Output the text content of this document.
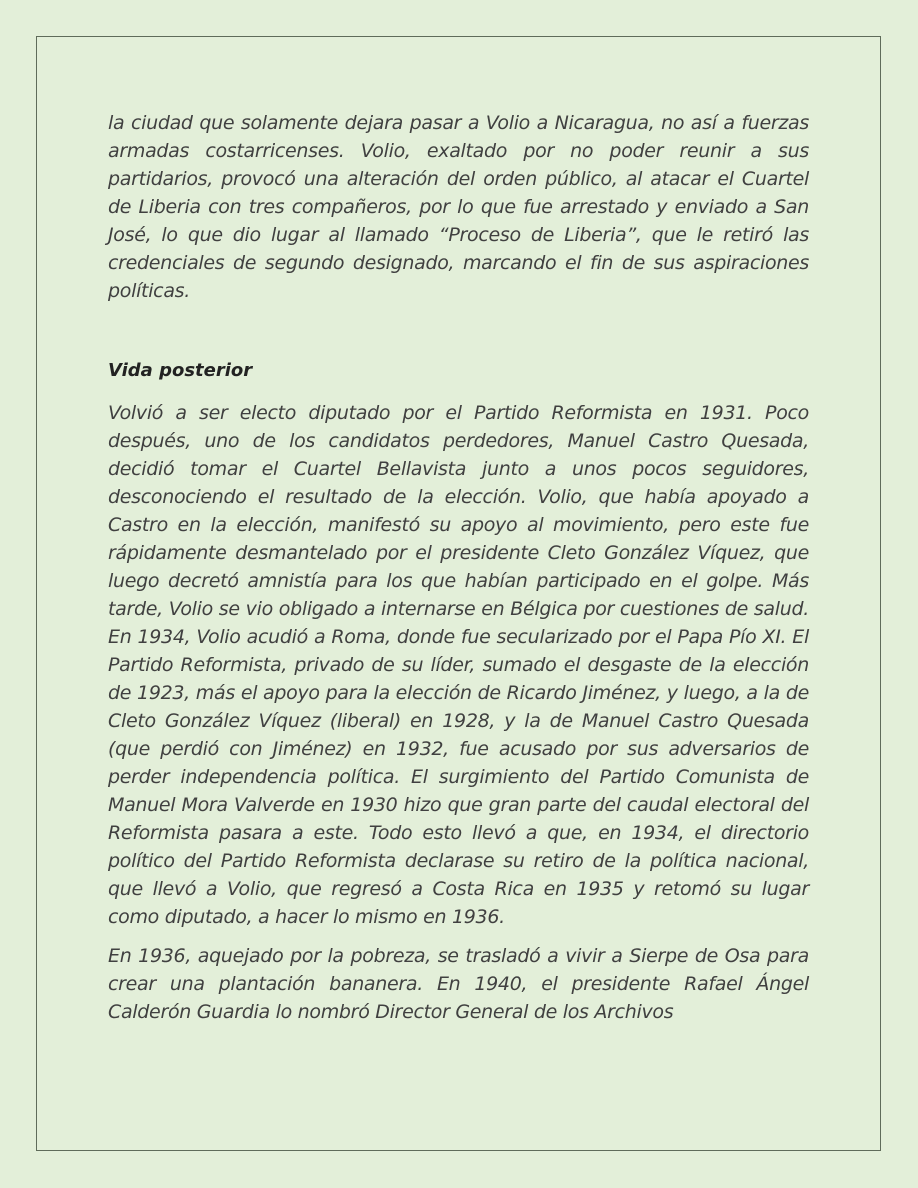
la ciudad que solamente dejara pasar a Volio a Nicaragua, no así a fuerzas armadas costarricenses. Volio, exaltado por no poder reunir a sus partidarios, provocó una alteración del orden público, al atacar el Cuartel de Liberia con tres compañeros, por lo que fue arrestado y enviado a San José, lo que dio lugar al llamado “Proceso de Liberia”, que le retiró las credenciales de segundo designado, marcando el fin de sus aspiraciones políticas.

Vida posterior

Volvió a ser electo diputado por el Partido Reformista en 1931. Poco después, uno de los candidatos perdedores, Manuel Castro Quesada, decidió tomar el Cuartel Bellavista junto a unos pocos seguidores, desconociendo el resultado de la elección. Volio, que había apoyado a Castro en la elección, manifestó su apoyo al movimiento, pero este fue rápidamente desmantelado por el presidente Cleto González Víquez, que luego decretó amnistía para los que habían participado en el golpe. Más tarde, Volio se vio obligado a internarse en Bélgica por cuestiones de salud. En 1934, Volio acudió a Roma, donde fue secularizado por el Papa Pío XI. El Partido Reformista, privado de su líder, sumado el desgaste de la elección de 1923, más el apoyo para la elección de Ricardo Jiménez, y luego, a la de Cleto González Víquez (liberal) en 1928, y la de Manuel Castro Quesada (que perdió con Jiménez) en 1932, fue acusado por sus adversarios de perder independencia política. El surgimiento del Partido Comunista de Manuel Mora Valverde en 1930 hizo que gran parte del caudal electoral del Reformista pasara a este. Todo esto llevó a que, en 1934, el directorio político del Partido Reformista declarase su retiro de la política nacional, que llevó a Volio, que regresó a Costa Rica en 1935 y retomó su lugar como diputado, a hacer lo mismo en 1936.

En 1936, aquejado por la pobreza, se trasladó a vivir a Sierpe de Osa para crear una plantación bananera. En 1940, el presidente Rafael Ángel Calderón Guardia lo nombró Director General de los Archivos
